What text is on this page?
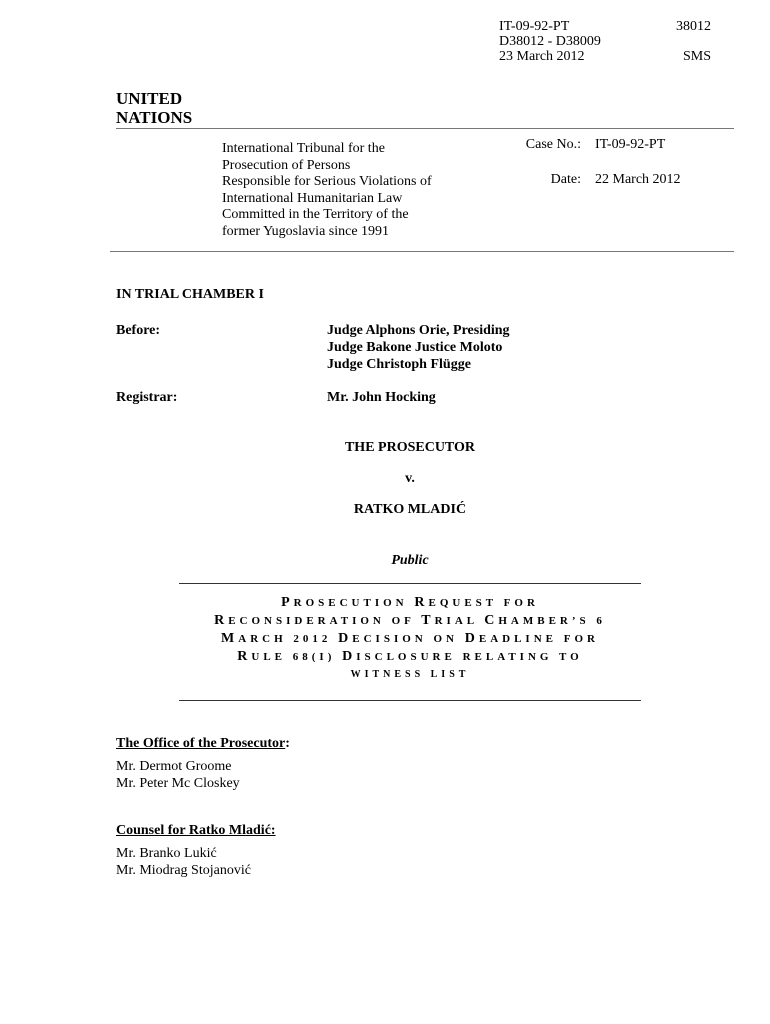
IT-09-92-PT
D38012 - D38009
23 March 2012
38012
SMS
UNITED
NATIONS
International Tribunal for the
Prosecution of Persons
Responsible for Serious Violations of
International Humanitarian Law
Committed in the Territory of the
former Yugoslavia since 1991
Case No.: IT-09-92-PT
Date: 22 March 2012
IN TRIAL CHAMBER I
Before:	Judge Alphons Orie, Presiding
Judge Bakone Justice Moloto
Judge Christoph Flügge
Registrar:	Mr. John Hocking
THE PROSECUTOR
v.
RATKO MLADIĆ
Public
PROSECUTION REQUEST FOR
RECONSIDERATION OF TRIAL CHAMBER’S 6
MARCH 2012 DECISION ON DEADLINE FOR
RULE 68(I) DISCLOSURE RELATING TO
WITNESS LIST
The Office of the Prosecutor:
Mr. Dermot Groome
Mr. Peter Mc Closkey
Counsel for Ratko Mladić:
Mr. Branko Lukić
Mr. Miodrag Stojanović
